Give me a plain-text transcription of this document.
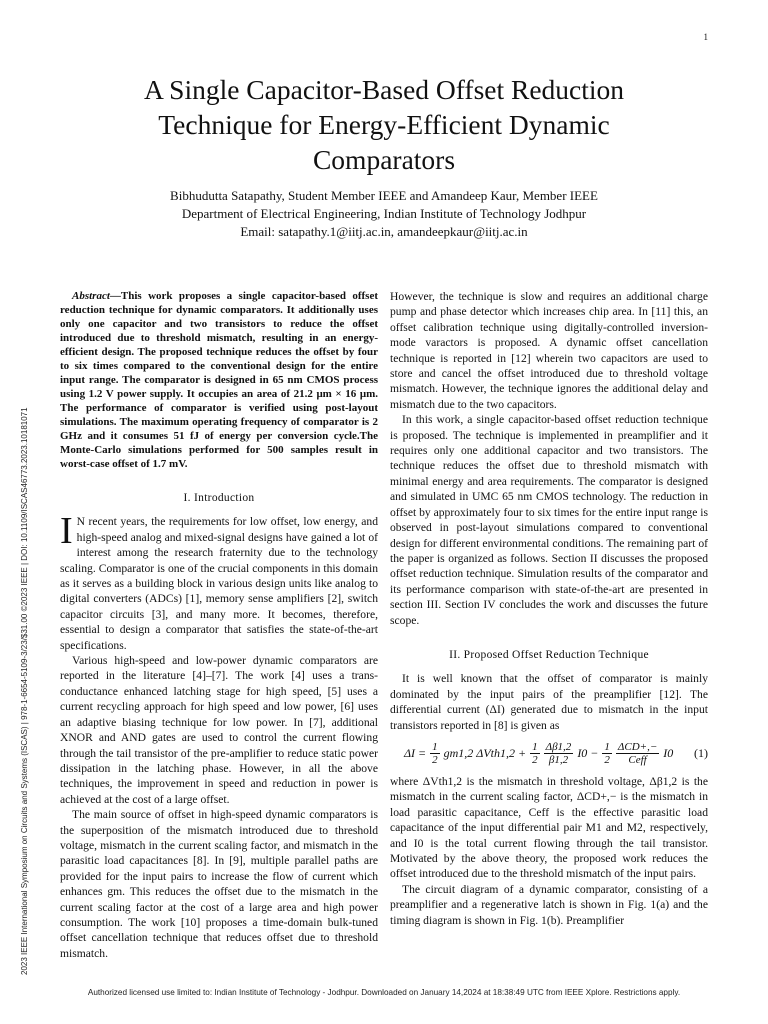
1
A Single Capacitor-Based Offset Reduction Technique for Energy-Efficient Dynamic Comparators
Bibhudutta Satapathy, Student Member IEEE and Amandeep Kaur, Member IEEE
Department of Electrical Engineering, Indian Institute of Technology Jodhpur
Email: satapathy.1@iitj.ac.in, amandeepkaur@iitj.ac.in
2023 IEEE International Symposium on Circuits and Systems (ISCAS) | 978-1-6654-5109-3/23/$31.00 ©2023 IEEE | DOI: 10.1109/ISCAS46773.2023.10181071

Abstract—This work proposes a single capacitor-based offset reduction technique for dynamic comparators. It additionally uses only one capacitor and two transistors to reduce the offset introduced due to threshold mismatch, resulting in an energy-efficient design. The proposed technique reduces the offset by four to six times compared to the conventional design for the entire input range. The comparator is designed in 65 nm CMOS process using 1.2 V power supply. It occupies an area of 21.2 μm × 16 μm. The performance of comparator is verified using post-layout simulations. The maximum operating frequency of comparator is 2 GHz and it consumes 51 fJ of energy per conversion cycle.The Monte-Carlo simulations performed for 500 samples result in worst-case offset of 1.7 mV.

I. Introduction

I N recent years, the requirements for low offset, low energy, and high-speed analog and mixed-signal designs have gained a lot of interest among the research fraternity due to the technology scaling. Comparator is one of the crucial components in this domain as it serves as a building block in various design units like analog to digital converters (ADCs) [1], memory sense amplifiers [2], switch capacitor circuits [3], and many more. It becomes, therefore, essential to design a comparator that satisfies the state-of-the-art specifications.

Various high-speed and low-power dynamic comparators are reported in the literature [4]–[7]. The work [4] uses a trans-conductance enhanced latching stage for high speed, [5] uses a current recycling approach for high speed and low power, [6] uses an adaptive biasing technique for low power. In [7], additional XNOR and AND gates are used to control the current flowing through the tail transistor of the pre-amplifier to reduce static power dissipation in the latching phase. However, in all the above techniques, the improvement in speed and reduction in power is achieved at the cost of a large offset.

The main source of offset in high-speed dynamic comparators is the superposition of the mismatch introduced due to threshold voltage, mismatch in the current scaling factor, and mismatch in the parasitic load capacitances [8]. In [9], multiple parallel paths are provided for the input pairs to increase the flow of current which enhances gm. This reduces the offset due to the mismatch in the current scaling factor at the cost of a large area and high power consumption. The work [10] proposes a time-domain bulk-tuned offset cancellation technique that reduces offset due to threshold mismatch.

However, the technique is slow and requires an additional charge pump and phase detector which increases chip area. In [11] this, an offset calibration technique using digitally-controlled inversion-mode varactors is proposed. A dynamic offset cancellation technique is reported in [12] wherein two capacitors are used to store and cancel the offset introduced due to threshold voltage mismatch. However, the technique ignores the additional delay and mismatch due to the two capacitors.

In this work, a single capacitor-based offset reduction technique is proposed. The technique is implemented in preamplifier and it requires only one additional capacitor and two transistors. The technique reduces the offset due to threshold mismatch with minimal energy and area requirements. The comparator is designed and simulated in UMC 65 nm CMOS technology. The reduction in offset by approximately four to six times for the entire input range is observed in post-layout simulations compared to conventional design for different environmental conditions. The remaining part of the paper is organized as follows. Section II discusses the proposed offset reduction technique. Simulation results of the comparator and its performance comparison with state-of-the-art are presented in section III. Section IV concludes the work and discusses the future scope.

II. Proposed Offset Reduction Technique

It is well known that the offset of comparator is mainly dominated by the input pairs of the preamplifier [12]. The differential current (ΔI) generated due to mismatch in the input transistors reported in [8] is given as

$\Delta I = \frac{1}{2} gm1,2$ $\Delta Vth1,2 + \frac{1}{2} \frac{\Delta\beta 1,2}{\beta 1,2} I0 - \frac{1}{2} \frac{\text{ΔCD+,−}}{\text{Ceff}} I0$ (1)

where ΔVth1,2 is the mismatch in threshold voltage, Δβ1,2 is the mismatch in the current scaling factor, ΔCD+,− is the mismatch in load parasitic capacitance, Ceff is the effective parasitic load capacitance of the input differential pair M1 and M2, respectively, and I0 is the total current flowing through the tail transistor. Motivated by the above theory, the proposed work reduces the offset introduced due to the threshold mismatch of the input pairs.

The circuit diagram of a dynamic comparator, consisting of a preamplifier and a regenerative latch is shown in Fig. 1(a) and the timing diagram is shown in Fig. 1(b). Preamplifier

Authorized licensed use limited to: Indian Institute of Technology - Jodhpur. Downloaded on January 14,2024 at 18:38:49 UTC from IEEE Xplore. Restrictions apply.
